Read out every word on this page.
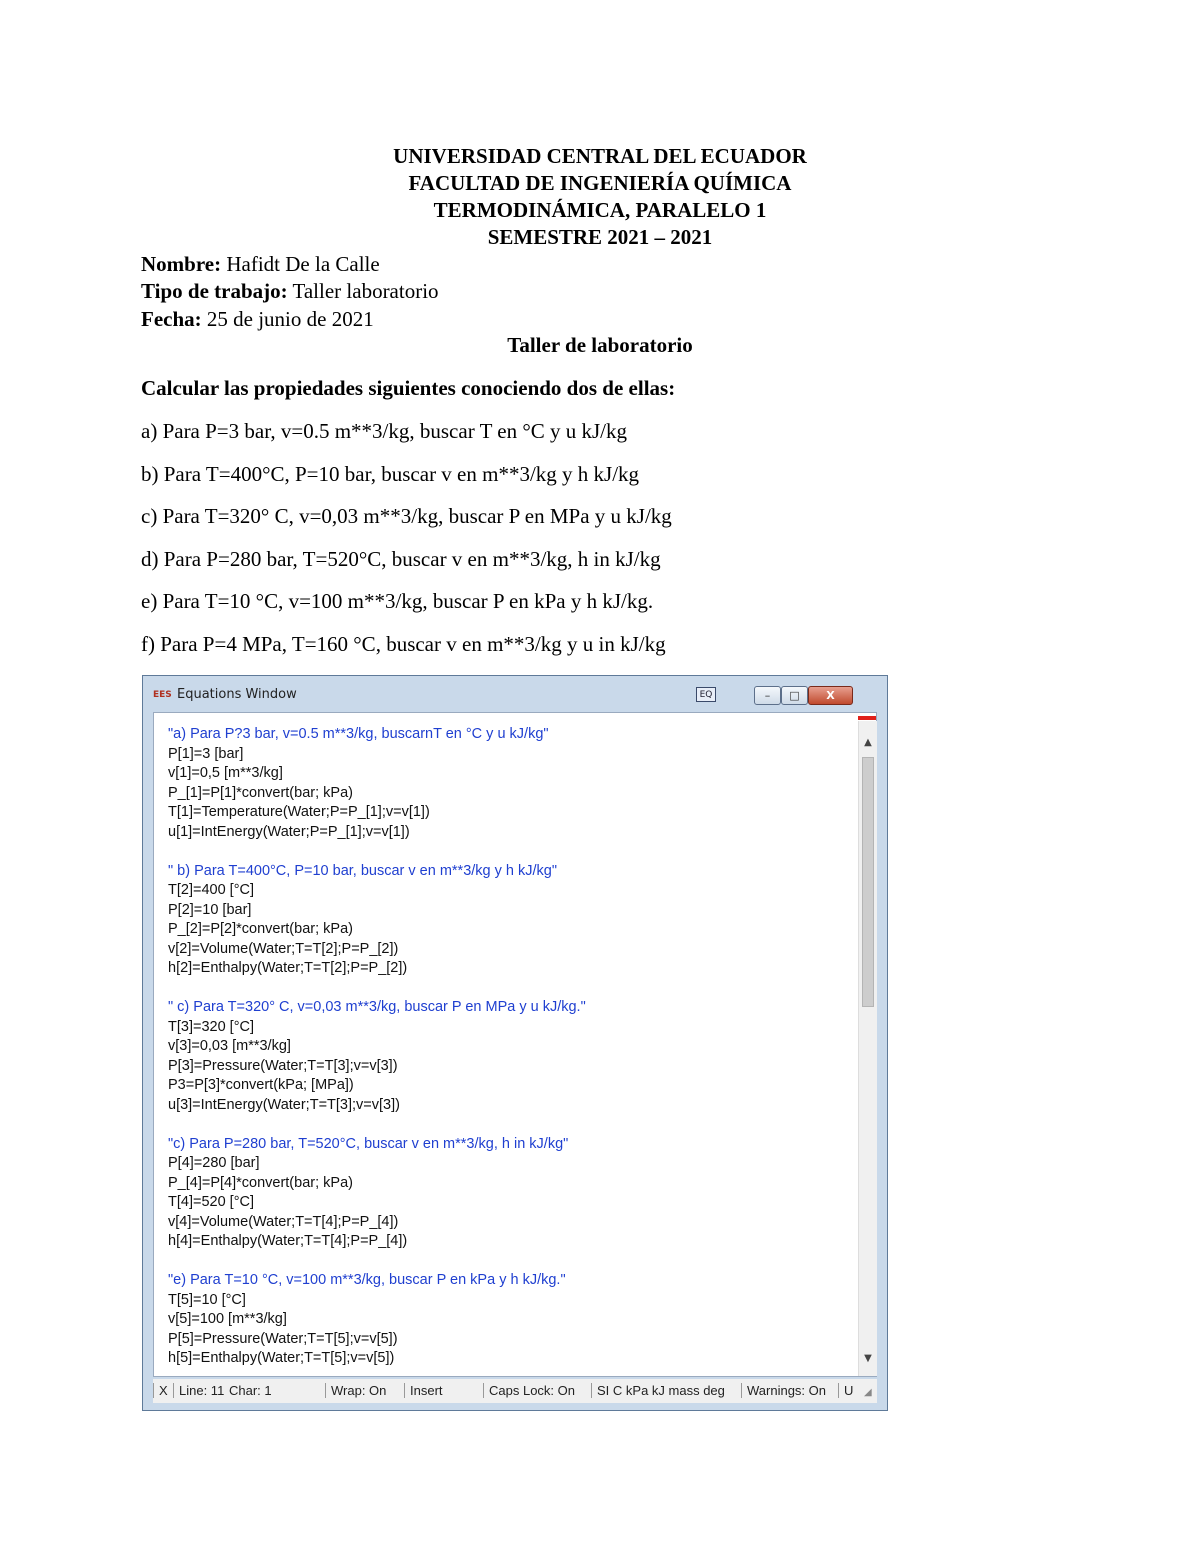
UNIVERSIDAD CENTRAL DEL ECUADOR
FACULTAD DE INGENIERÍA QUÍMICA
TERMODINÁMICA, PARALELO 1
SEMESTRE 2021 – 2021
Nombre: Hafidt De la Calle
Tipo de trabajo: Taller laboratorio
Fecha: 25 de junio de 2021
Taller de laboratorio
Calcular las propiedades siguientes conociendo dos de ellas:
a) Para P=3 bar, v=0.5 m**3/kg, buscar T en °C y u kJ/kg
b) Para T=400°C, P=10 bar, buscar v en m**3/kg y h kJ/kg
c) Para T=320° C, v=0,03 m**3/kg, buscar P en MPa y u kJ/kg
d) Para P=280 bar, T=520°C, buscar v en m**3/kg, h in kJ/kg
e) Para T=10 °C, v=100 m**3/kg, buscar P en kPa y h kJ/kg.
f) Para P=4 MPa, T=160 °C, buscar v en m**3/kg y u in kJ/kg
EES Equations Window	EQ	–	□	X
"a) Para P?3 bar, v=0.5 m**3/kg, buscarnT en °C y u kJ/kg"
P[1]=3 [bar]
v[1]=0,5 [m**3/kg]
P_[1]=P[1]*convert(bar; kPa)
T[1]=Temperature(Water;P=P_[1];v=v[1])
u[1]=IntEnergy(Water;P=P_[1];v=v[1])
" b) Para T=400°C, P=10 bar, buscar v en m**3/kg y h kJ/kg"
T[2]=400 [°C]
P[2]=10 [bar]
P_[2]=P[2]*convert(bar; kPa)
v[2]=Volume(Water;T=T[2];P=P_[2])
h[2]=Enthalpy(Water;T=T[2];P=P_[2])
" c) Para T=320° C, v=0,03 m**3/kg, buscar P en MPa y u kJ/kg."
T[3]=320 [°C]
v[3]=0,03 [m**3/kg]
P[3]=Pressure(Water;T=T[3];v=v[3])
P3=P[3]*convert(kPa; [MPa])
u[3]=IntEnergy(Water;T=T[3];v=v[3])
"c) Para P=280 bar, T=520°C, buscar v en m**3/kg, h in kJ/kg"
P[4]=280 [bar]
P_[4]=P[4]*convert(bar; kPa)
T[4]=520 [°C]
v[4]=Volume(Water;T=T[4];P=P_[4])
h[4]=Enthalpy(Water;T=T[4];P=P_[4])
"e) Para T=10 °C, v=100 m**3/kg, buscar P en kPa y h kJ/kg."
T[5]=10 [°C]
v[5]=100 [m**3/kg]
P[5]=Pressure(Water;T=T[5];v=v[5])
h[5]=Enthalpy(Water;T=T[5];v=v[5])
▲
▼
X Line: 11	Wrap: On	Insert	Caps Lock: On	SI C kPa kJ mass deg	Warnings: On	U	◢
Char: 1
